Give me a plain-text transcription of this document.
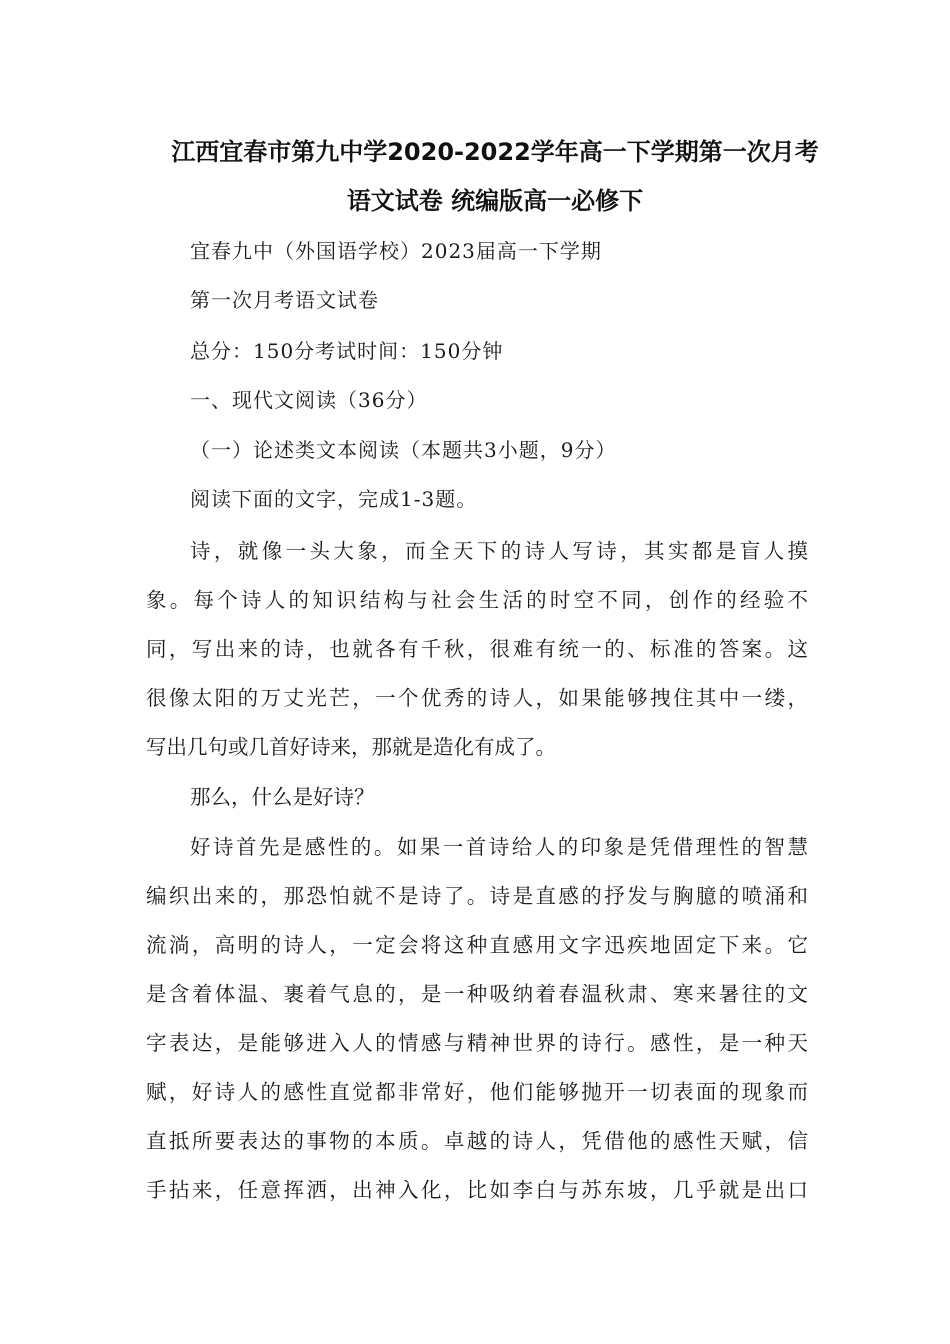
江西宜春市第九中学2020-2022学年高一下学期第一次月考
语文试卷 统编版高一必修下
宜春九中（外国语学校）2023届高一下学期
第一次月考语文试卷
总分：150分考试时间：150分钟
一、现代文阅读（36分）
（一）论述类文本阅读（本题共3小题，9分）
阅读下面的文字，完成1-3题。
诗，就像一头大象，而全天下的诗人写诗，其实都是盲人摸
象。每个诗人的知识结构与社会生活的时空不同，创作的经验不
同，写出来的诗，也就各有千秋，很难有统一的、标准的答案。这
很像太阳的万丈光芒，一个优秀的诗人，如果能够拽住其中一缕，
写出几句或几首好诗来，那就是造化有成了。
那么，什么是好诗？
好诗首先是感性的。如果一首诗给人的印象是凭借理性的智慧
编织出来的，那恐怕就不是诗了。诗是直感的抒发与胸臆的喷涌和
流淌，高明的诗人，一定会将这种直感用文字迅疾地固定下来。它
是含着体温、裹着气息的，是一种吸纳着春温秋肃、寒来暑往的文
字表达，是能够进入人的情感与精神世界的诗行。感性，是一种天
赋，好诗人的感性直觉都非常好，他们能够抛开一切表面的现象而
直抵所要表达的事物的本质。卓越的诗人，凭借他的感性天赋，信
手拈来，任意挥洒，出神入化，比如李白与苏东坡，几乎就是出口
